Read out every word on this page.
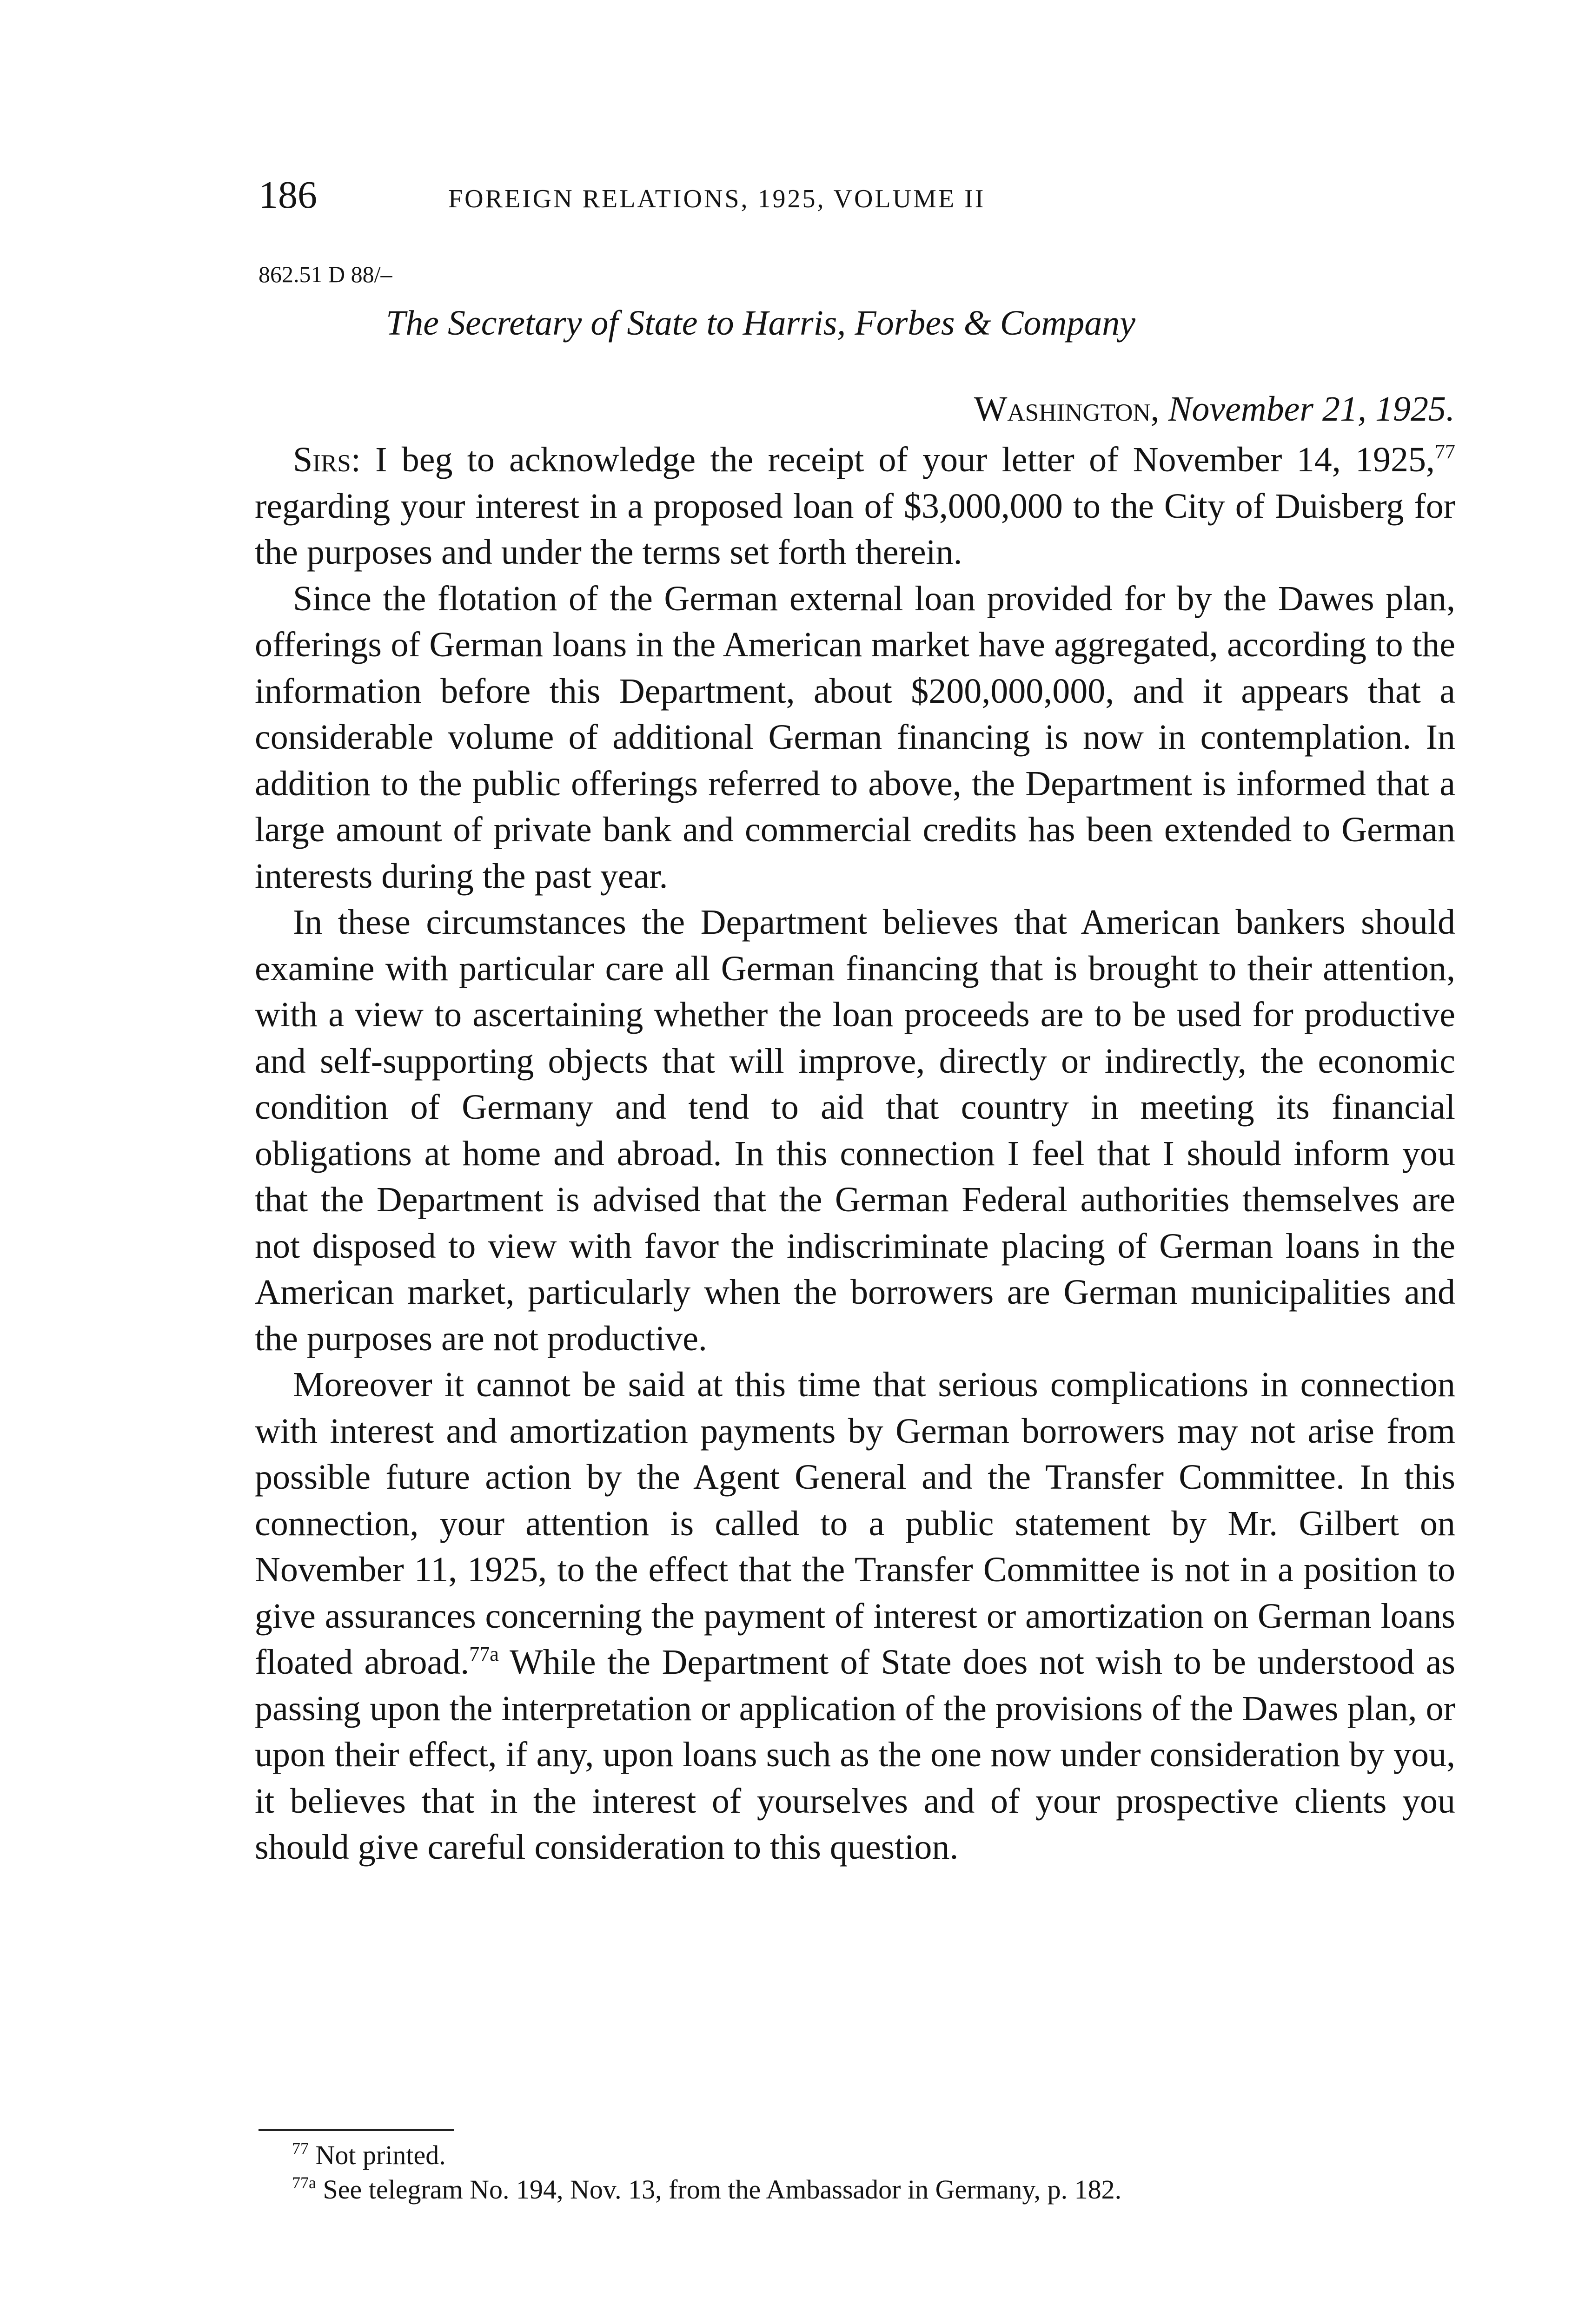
186	FOREIGN RELATIONS, 1925, VOLUME II
862.51 D 88/–
The Secretary of State to Harris, Forbes & Company
Washington, November 21, 1925.

Sirs: I beg to acknowledge the receipt of your letter of November 14, 1925,77 regarding your interest in a proposed loan of $3,000,000 to the City of Duisberg for the purposes and under the terms set forth therein.

Since the flotation of the German external loan provided for by the Dawes plan, offerings of German loans in the American market have aggregated, according to the information before this Department, about $200,000,000, and it appears that a considerable volume of additional German financing is now in contemplation. In addition to the public offerings referred to above, the Department is informed that a large amount of private bank and commercial credits has been extended to German interests during the past year.

In these circumstances the Department believes that American bankers should examine with particular care all German financing that is brought to their attention, with a view to ascertaining whether the loan proceeds are to be used for productive and self-supporting objects that will improve, directly or indirectly, the economic condition of Germany and tend to aid that country in meeting its financial obligations at home and abroad. In this connection I feel that I should inform you that the Department is advised that the German Federal authorities themselves are not disposed to view with favor the indiscriminate placing of German loans in the American market, particularly when the borrowers are German municipalities and the purposes are not productive.

Moreover it cannot be said at this time that serious complications in connection with interest and amortization payments by German borrowers may not arise from possible future action by the Agent General and the Transfer Committee. In this connection, your attention is called to a public statement by Mr. Gilbert on November 11, 1925, to the effect that the Transfer Committee is not in a position to give assurances concerning the payment of interest or amortization on German loans floated abroad.$^{77a}$ While the Department of State does not wish to be understood as passing upon the interpretation or application of the provisions of the Dawes plan, or upon their effect, if any, upon loans such as the one now under consideration by you, it believes that in the interest of yourselves and of your prospective clients you should give careful consideration to this question.

$^{77}$ Not printed.

$^{77a}$ See telegram No. 194, Nov. 13, from the Ambassador in Germany, p. 182.
